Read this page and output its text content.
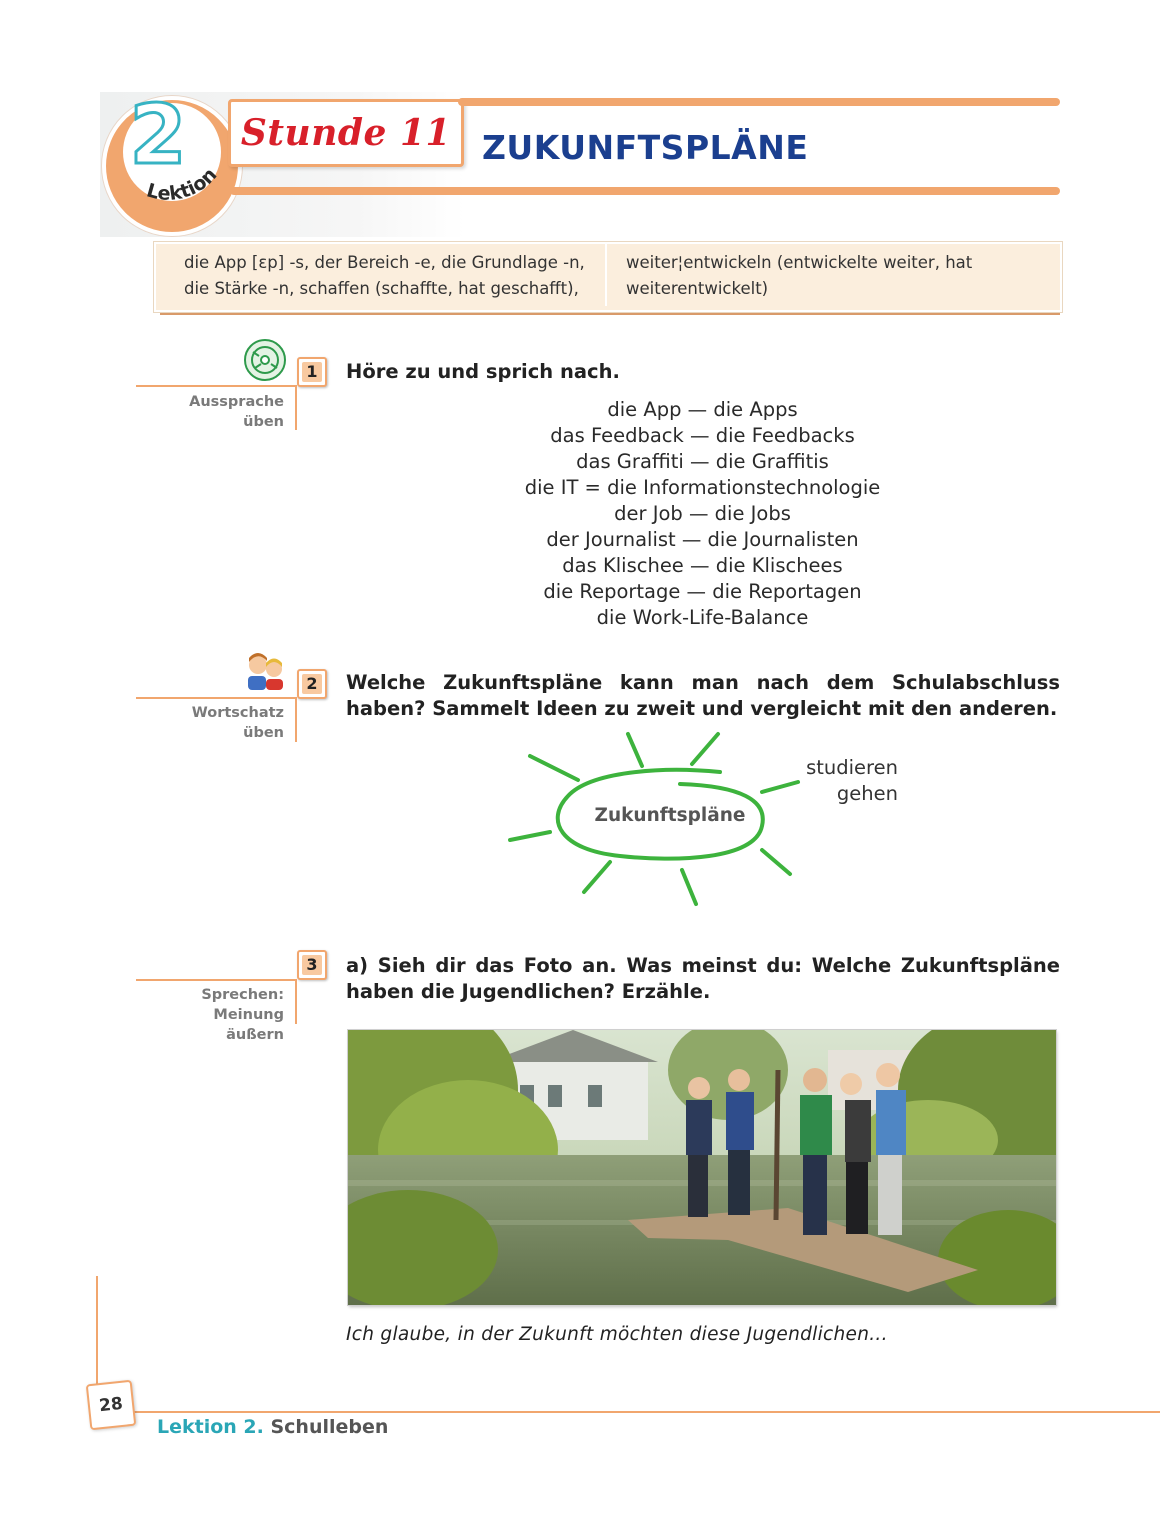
2
Lektion
Stunde 11 ZUKUNFTSPLÄNE
die App [ɛp] -s, der Bereich -e, die Grundlage -n,
die Stärke -n, schaffen (schaffte, hat geschafft),
weiter¦entwickeln (entwickelte weiter, hat
weiterentwickelt)
1
Aussprache
üben
Höre zu und sprich nach.
die App — die Apps
das Feedback — die Feedbacks
das Graffiti — die Graffitis
die IT = die Informationstechnologie
der Job — die Jobs
der Journalist — die Journalisten
das Klischee — die Klischees
die Reportage — die Reportagen
die Work-Life-Balance
2
Wortschatz
üben
Welche Zukunftspläne kann man nach dem Schulabschluss haben? Sammelt Ideen zu zweit und vergleicht mit den anderen.
Zukunftspläne
studieren
gehen
3
Sprechen: Meinung
äußern
a) Sieh dir das Foto an. Was meinst du: Welche Zukunftspläne haben die Jugendlichen? Erzähle.
Ich glaube, in der Zukunft möchten diese Jugendlichen...
28
Lektion 2. Schulleben
